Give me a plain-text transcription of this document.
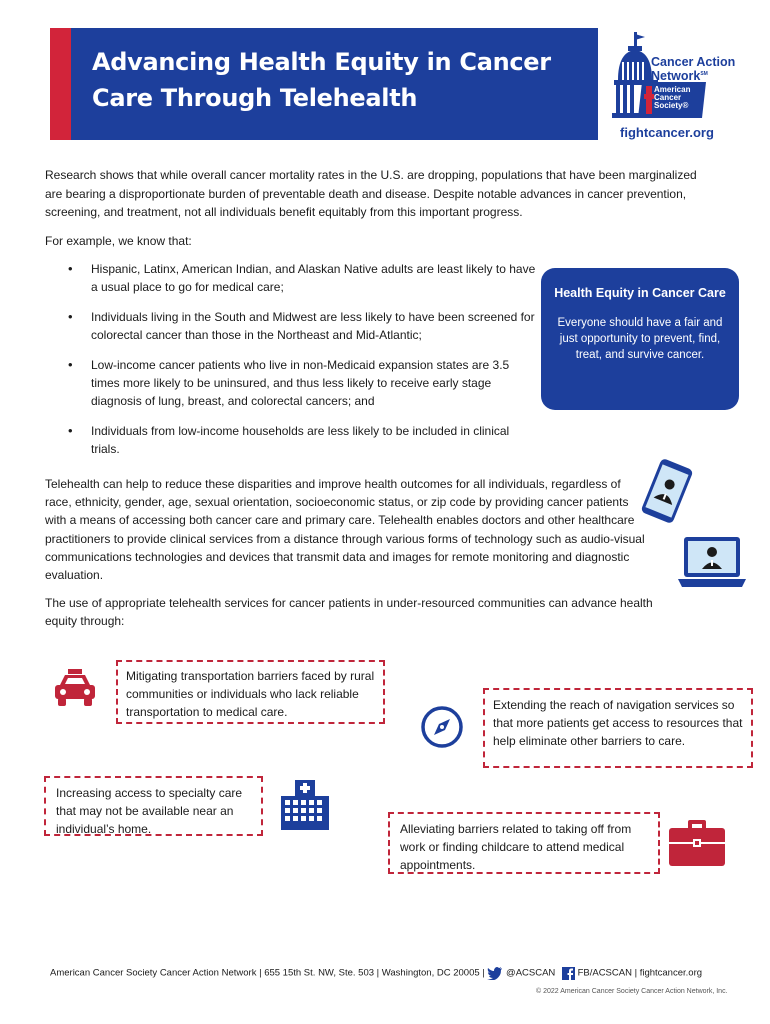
Advancing Health Equity in Cancer
Care Through Telehealth
Cancer Action
Network℠
American
Cancer
Society®
fightcancer.org

Research shows that while overall cancer mortality rates in the U.S. are dropping, populations that have been marginalized are bearing a disproportionate burden of preventable death and disease. Despite notable advances in cancer prevention, screening, and treatment, not all individuals benefit equitably from this important progress.

For example, we know that:

• Hispanic, Latinx, American Indian, and Alaskan Native adults are least likely to have a usual place to go for medical care;
• Individuals living in the South and Midwest are less likely to have been screened for colorectal cancer than those in the Northeast and Mid-Atlantic;
• Low-income cancer patients who live in non-Medicaid expansion states are 3.5 times more likely to be uninsured, and thus less likely to receive early stage diagnosis of lung, breast, and colorectal cancers; and
• Individuals from low-income households are less likely to be included in clinical trials.
Health Equity in Cancer Care
Everyone should have a fair and just opportunity to prevent, find, treat, and survive cancer.

Telehealth can help to reduce these disparities and improve health outcomes for all individuals, regardless of race, ethnicity, gender, age, sexual orientation, socioeconomic status, or zip code by providing cancer patients with a means of accessing both cancer care and primary care. Telehealth enables doctors and other healthcare practitioners to provide clinical services from a distance through various forms of technology such as audio-visual communications technologies and devices that transmit data and images for remote monitoring and diagnostic evaluation.

The use of appropriate telehealth services for cancer patients in under-resourced communities can advance health equity through:

Mitigating transportation barriers faced by rural communities or individuals who lack reliable transportation to medical care.	Extending the reach of navigation services so that more patients get access to resources that help eliminate other barriers to care.
Increasing access to specialty care that may not be available near an individual’s home.	Alleviating barriers related to taking off from work or finding childcare to attend medical appointments.
American Cancer Society Cancer Action Network | 655 15th St. NW, Ste. 503 | Washington, DC 20005 | @ACSCAN FB/ACSCAN | fightcancer.org
© 2022 American Cancer Society Cancer Action Network, Inc.
